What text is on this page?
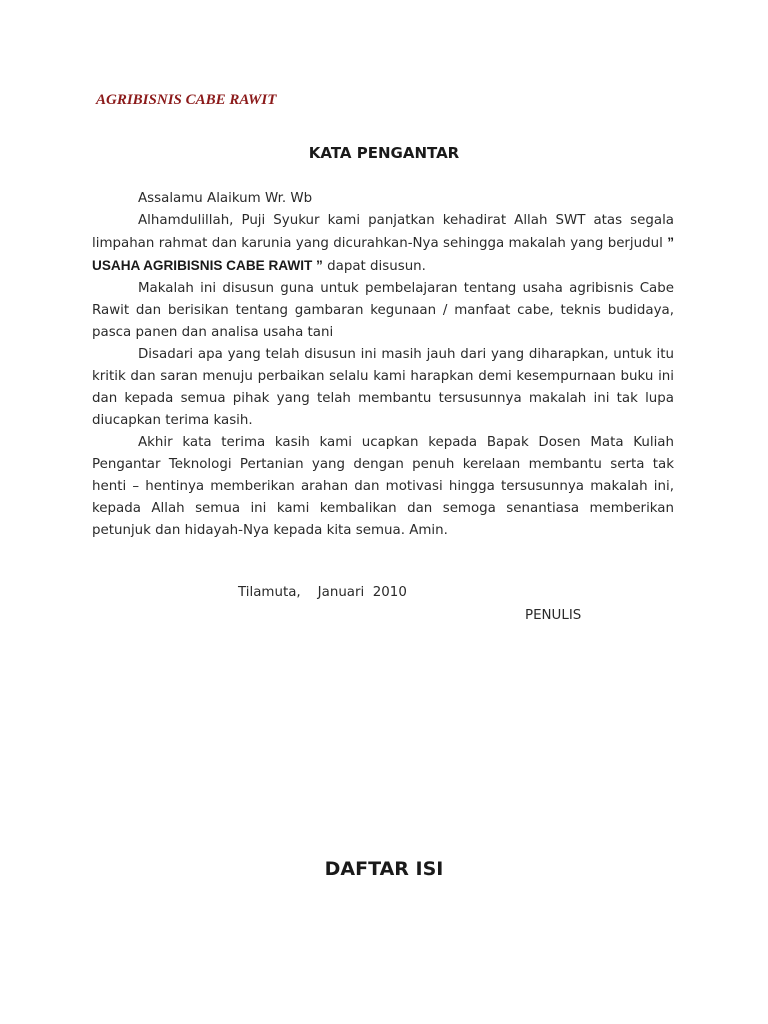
AGRIBISNIS CABE RAWIT
KATA PENGANTAR

Assalamu Alaikum Wr. Wb

Alhamdulillah, Puji Syukur kami panjatkan kehadirat Allah SWT atas segala limpahan rahmat dan karunia yang dicurahkan-Nya sehingga makalah yang berjudul ” USAHA AGRIBISNIS CABE RAWIT ” dapat disusun.

Makalah ini disusun guna untuk pembelajaran tentang usaha agribisnis Cabe Rawit dan berisikan tentang gambaran kegunaan / manfaat cabe, teknis budidaya, pasca panen dan analisa usaha tani

Disadari apa yang telah disusun ini masih jauh dari yang diharapkan, untuk itu kritik dan saran menuju perbaikan selalu kami harapkan demi kesempurnaan buku ini dan kepada semua pihak yang telah membantu tersusunnya makalah ini tak lupa diucapkan terima kasih.

Akhir kata terima kasih kami ucapkan kepada Bapak Dosen Mata Kuliah Pengantar Teknologi Pertanian yang dengan penuh kerelaan membantu serta tak henti – hentinya memberikan arahan dan motivasi hingga tersusunnya makalah ini, kepada Allah semua ini kami kembalikan dan semoga senantiasa memberikan petunjuk dan hidayah-Nya kepada kita semua. Amin.

Tilamuta,    Januari  2010

PENULIS

DAFTAR ISI
